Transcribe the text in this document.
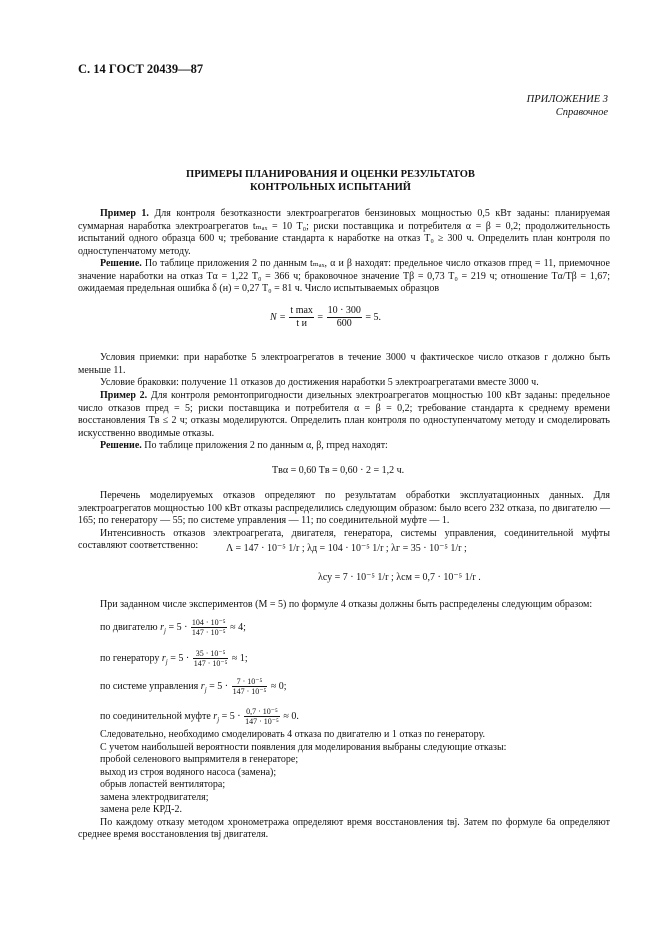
С. 14 ГОСТ 20439—87
ПРИЛОЖЕНИЕ 3
Справочное
ПРИМЕРЫ ПЛАНИРОВАНИЯ И ОЦЕНКИ РЕЗУЛЬТАТОВ
КОНТРОЛЬНЫХ ИСПЫТАНИЙ

Пример 1. Для контроля безотказности электроагрегатов бензиновых мощностью 0,5 кВт заданы: планируемая суммарная наработка электроагрегатов tₘₐₓ = 10 T₀; риски поставщика и потребителя α = β = 0,2; продолжительность испытаний одного образца 600 ч; требование стандарта к наработке на отказ T₀ ≥ 300 ч. Определить план контроля по одноступенчатому методу.

Решение. По таблице приложения 2 по данным tₘₐₓ, α и β находят: предельное число отказов rпред = 11, приемочное значение наработки на отказ Tα = 1,22 T₀ = 366 ч; браковочное значение Tβ = 0,73 T₀ = 219 ч; отношение Tα/Tβ = 1,67; ожидаемая предельная ошибка δ (н) = 0,27 T₀ = 81 ч. Число испытываемых образцов

$N = \frac{\text{t max}}{\text{t и}} = \frac{10 \cdot 300}{600} = 5$.

Условия приемки: при наработке 5 электроагрегатов в течение 3000 ч фактическое число отказов r должно быть меньше 11.

Условие браковки: получение 11 отказов до достижения наработки 5 электроагрегатами вместе 3000 ч.

Пример 2. Для контроля ремонтопригодности дизельных электроагрегатов мощностью 100 кВт заданы: предельное число отказов rпред = 5; риски поставщика и потребителя α = β = 0,2; требование стандарта к среднему времени восстановления Tв ≤ 2 ч; отказы моделируются. Определить план контроля по одноступенчатому методу и смоделировать искусственно вводимые отказы.

Решение. По таблице приложения 2 по данным α, β, rпред находят:

Tвα = 0,60 Tв = 0,60 · 2 = 1,2 ч.

Перечень моделируемых отказов определяют по результатам обработки эксплуатационных данных. Для электроагрегатов мощностью 100 кВт отказы распределились следующим образом: было всего 232 отказа, по двигателю — 165; по генератору — 55; по системе управления — 11; по соединительной муфте — 1.

Интенсивность отказов электроагрегата, двигателя, генератора, системы управления, соединительной муфты составляют соответственно:	Λ = 147 · 10⁻⁵ 1/r ; λд = 104 · 10⁻⁵ 1/r ; λг = 35 · 10⁻⁵ 1/r ;
λсу = 7 · 10⁻⁵ 1/r ; λсм = 0,7 · 10⁻⁵ 1/r .

При заданном числе экспериментов (M = 5) по формуле 4 отказы должны быть распределены следующим образом:

по двигателю $r_j = 5 \cdot \frac{\text{104 · 10⁻⁵}}{\text{147 · 10⁻⁵}} \approx 4$;
по генератору $r_j = 5 \cdot \frac{\text{35 · 10⁻⁵}}{\text{147 · 10⁻⁵}} \approx 1$;
по системе управления $r_j = 5 \cdot \frac{\text{7 · 10⁻⁵}}{\text{147 · 10⁻⁵}} \approx 0$;
по соединительной муфте $r_j = 5 \cdot \frac{\text{0,7 · 10⁻⁵}}{\text{147 · 10⁻⁵}} \approx 0$.

Следовательно, необходимо смоделировать 4 отказа по двигателю и 1 отказ по генератору.

С учетом наибольшей вероятности появления для моделирования выбраны следующие отказы:

пробой селенового выпрямителя в генераторе;

выход из строя водяного насоса (замена);

обрыв лопастей вентилятора;

замена электродвигателя;

замена реле КРД-2.

По каждому отказу методом хронометража определяют время восстановления tвj. Затем по формуле 6а определяют среднее время восстановления tвj двигателя.
